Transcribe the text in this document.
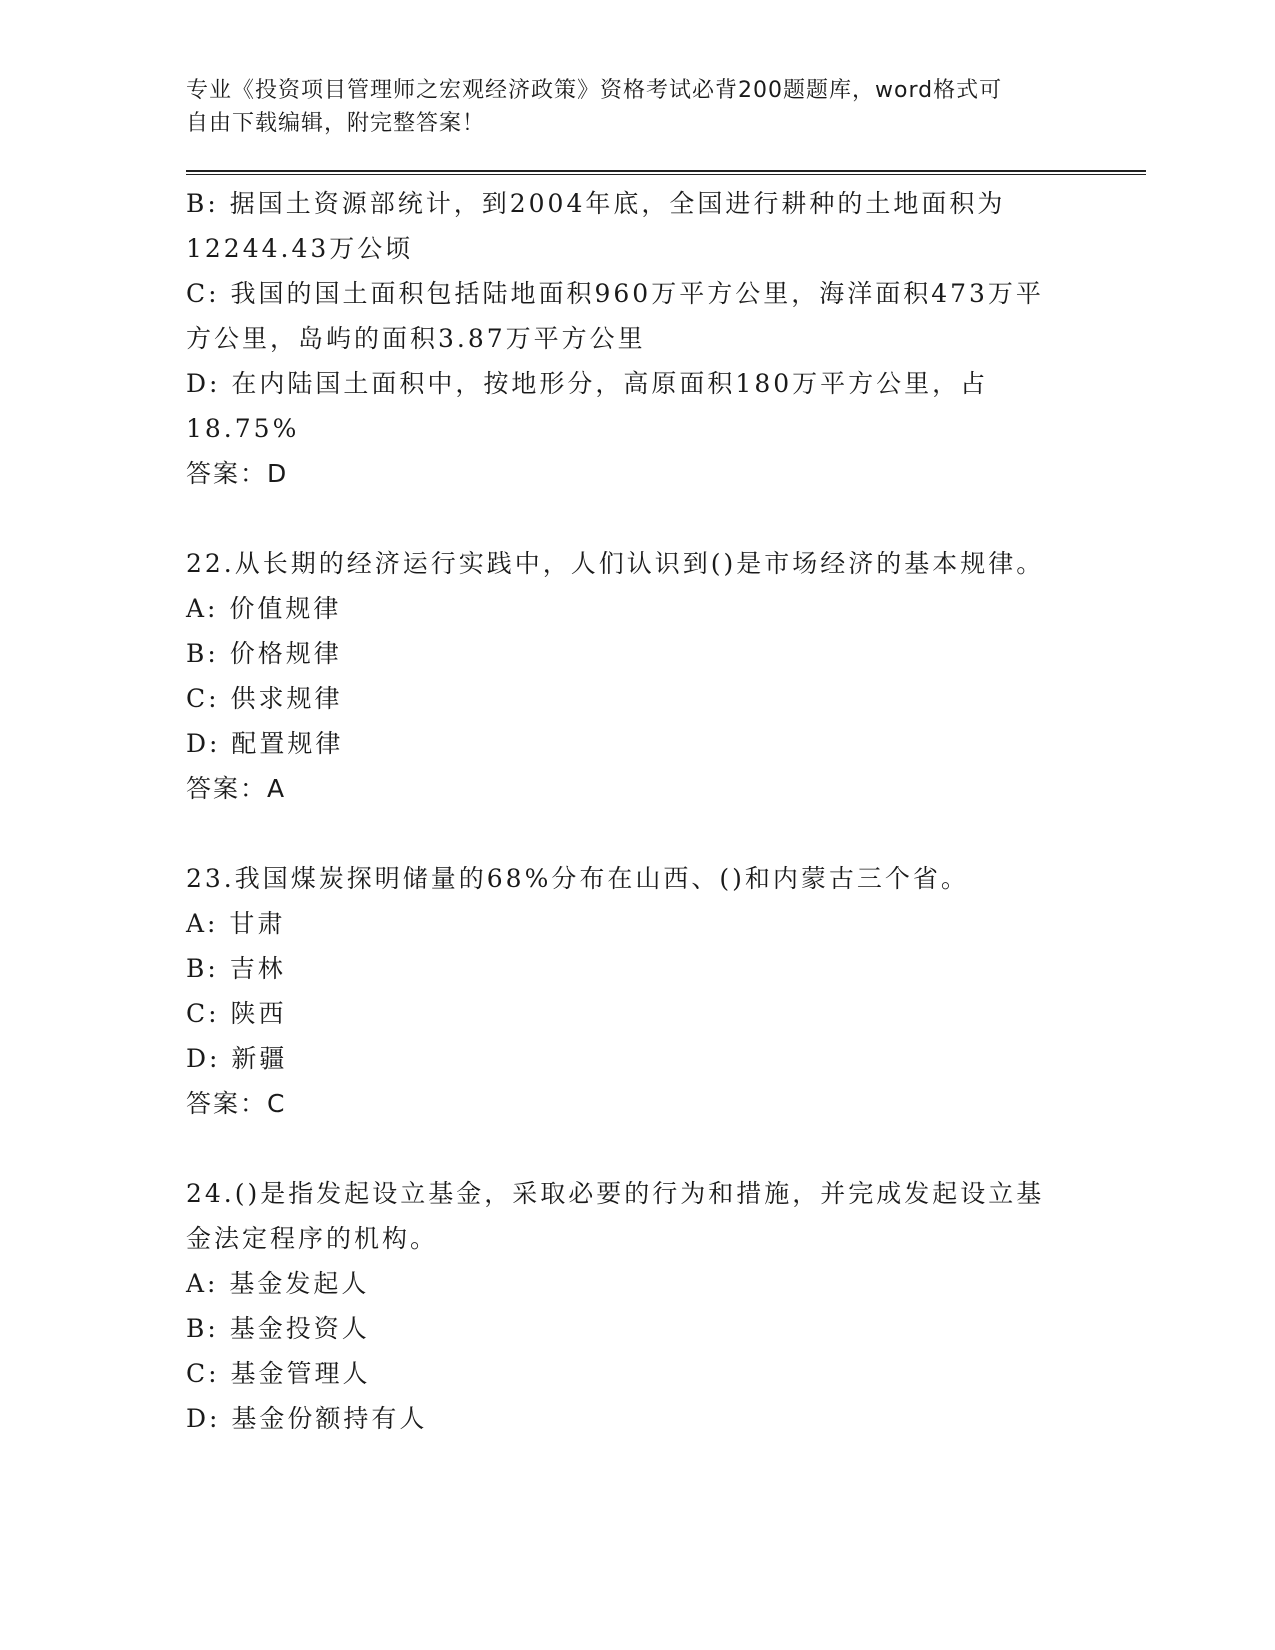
专业《投资项目管理师之宏观经济政策》资格考试必背200题题库，word格式可
自由下载编辑，附完整答案！

B: 据国土资源部统计，到2004年底，全国进行耕种的土地面积为

12244.43万公顷

C: 我国的国土面积包括陆地面积960万平方公里，海洋面积473万平

方公里，岛屿的面积3.87万平方公里

D: 在内陆国土面积中，按地形分，高原面积180万平方公里，占

18.75%

答案：D

22.从长期的经济运行实践中，人们认识到()是市场经济的基本规律。

A: 价值规律

B: 价格规律

C: 供求规律

D: 配置规律

答案：A

23.我国煤炭探明储量的68%分布在山西、()和内蒙古三个省。

A: 甘肃

B: 吉林

C: 陕西

D: 新疆

答案：C

24.()是指发起设立基金，采取必要的行为和措施，并完成发起设立基

金法定程序的机构。

A: 基金发起人

B: 基金投资人

C: 基金管理人

D: 基金份额持有人
